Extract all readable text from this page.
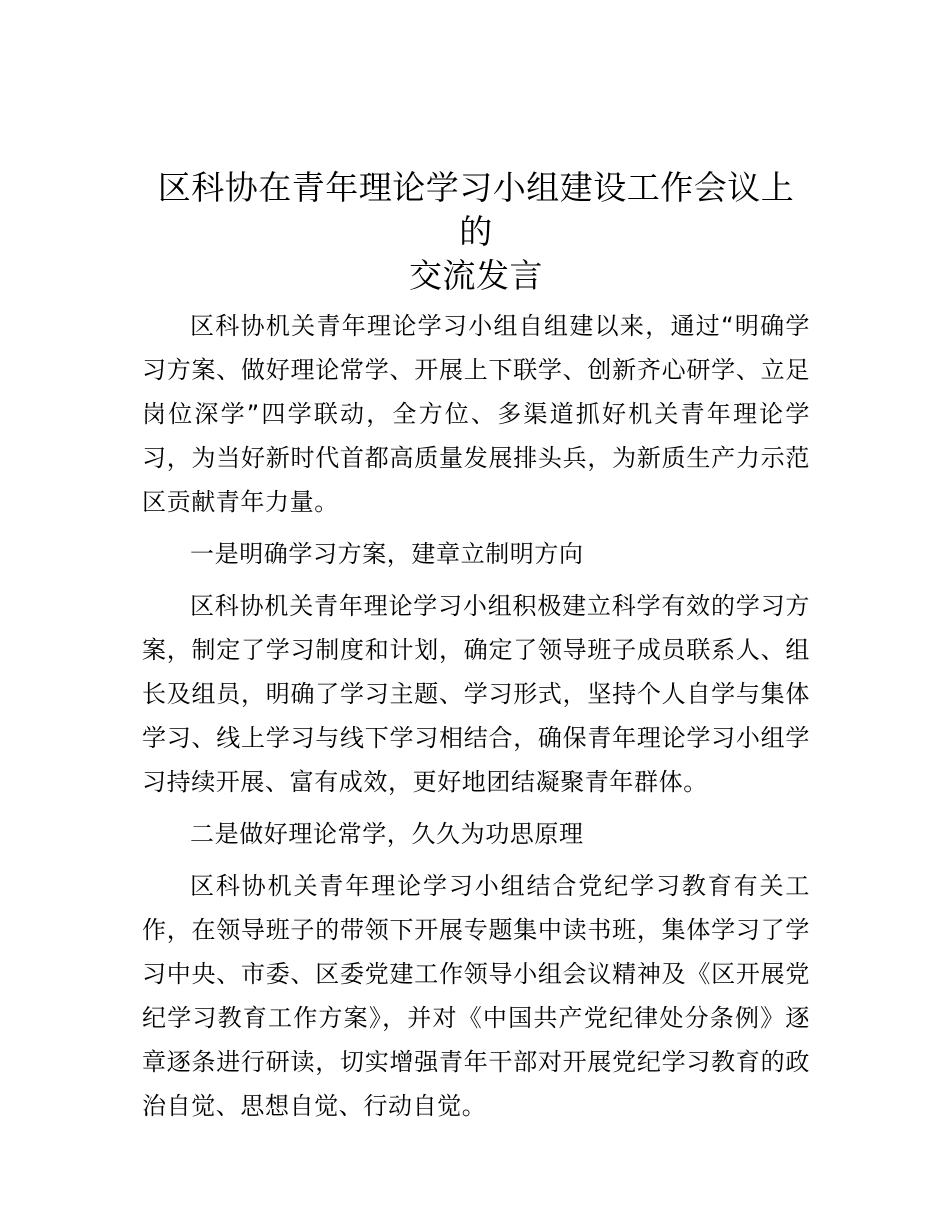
区科协在青年理论学习小组建设工作会议上的
交流发言

区科协机关青年理论学习小组自组建以来，通过“明确学习方案、做好理论常学、开展上下联学、创新齐心研学、立足岗位深学”四学联动，全方位、多渠道抓好机关青年理论学习，为当好新时代首都高质量发展排头兵，为新质生产力示范区贡献青年力量。

一是明确学习方案，建章立制明方向

区科协机关青年理论学习小组积极建立科学有效的学习方案，制定了学习制度和计划，确定了领导班子成员联系人、组长及组员，明确了学习主题、学习形式，坚持个人自学与集体学习、线上学习与线下学习相结合，确保青年理论学习小组学习持续开展、富有成效，更好地团结凝聚青年群体。

二是做好理论常学，久久为功思原理

区科协机关青年理论学习小组结合党纪学习教育有关工作，在领导班子的带领下开展专题集中读书班，集体学习了学习中央、市委、区委党建工作领导小组会议精神及《区开展党纪学习教育工作方案》，并对《中国共产党纪律处分条例》逐章逐条进行研读，切实增强青年干部对开展党纪学习教育的政治自觉、思想自觉、行动自觉。
